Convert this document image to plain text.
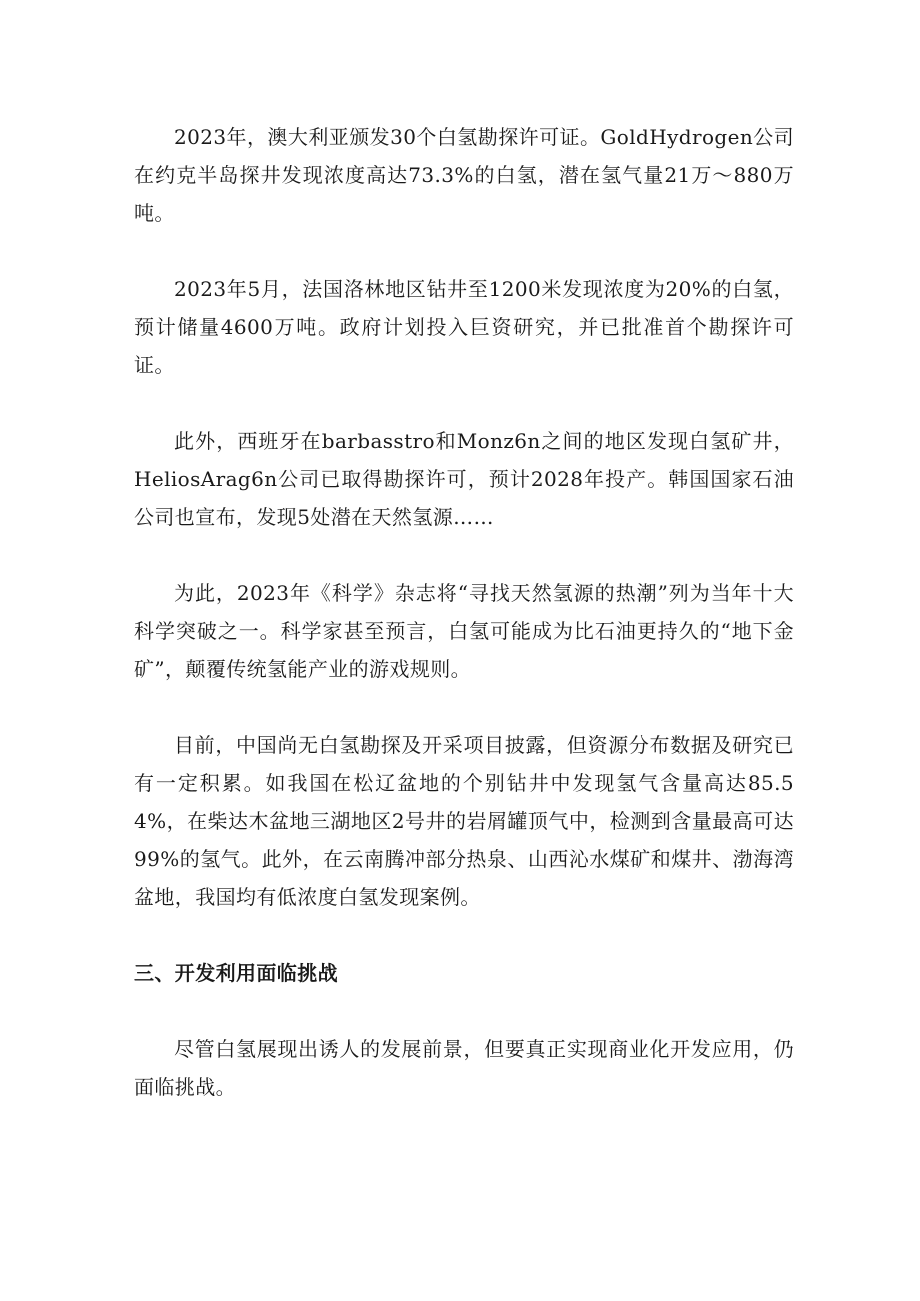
2023年，澳大利亚颁发30个白氢勘探许可证。GoldHydrogen公司在约克半岛探井发现浓度高达73.3%的白氢，潜在氢气量21万～880万吨。

2023年5月，法国洛林地区钻井至1200米发现浓度为20%的白氢，预计储量4600万吨。政府计划投入巨资研究，并已批准首个勘探许可证。

此外，西班牙在barbasstro和Monz6n之间的地区发现白氢矿井，HeliosArag6n公司已取得勘探许可，预计2028年投产。韩国国家石油公司也宣布，发现5处潜在天然氢源……

为此，2023年《科学》杂志将“寻找天然氢源的热潮”列为当年十大科学突破之一。科学家甚至预言，白氢可能成为比石油更持久的“地下金矿”，颠覆传统氢能产业的游戏规则。

目前，中国尚无白氢勘探及开采项目披露，但资源分布数据及研究已有一定积累。如我国在松辽盆地的个别钻井中发现氢气含量高达85.54%，在柴达木盆地三湖地区2号井的岩屑罐顶气中，检测到含量最高可达99%的氢气。此外，在云南腾冲部分热泉、山西沁水煤矿和煤井、渤海湾盆地，我国均有低浓度白氢发现案例。

三、开发利用面临挑战

尽管白氢展现出诱人的发展前景，但要真正实现商业化开发应用，仍面临挑战。
